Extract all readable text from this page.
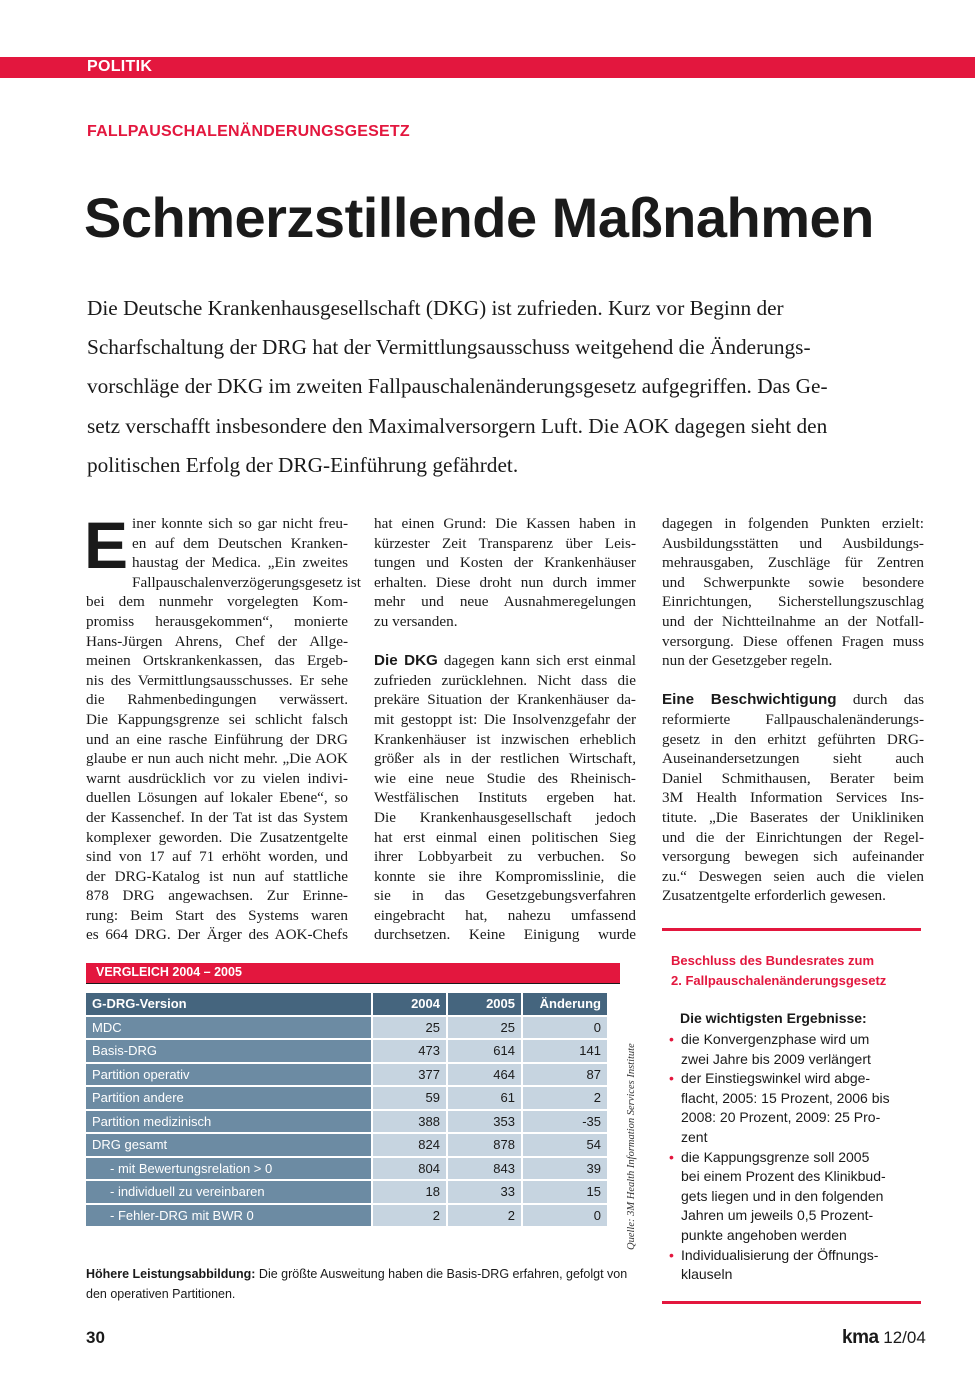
POLITIK
FALLPAUSCHALENÄNDERUNGSGESETZ
Schmerzstillende Maßnahmen
Die Deutsche Krankenhausgesellschaft (DKG) ist zufrieden. Kurz vor Beginn der
Scharfschaltung der DRG hat der Vermittlungsausschuss weitgehend die Änderungs-
vorschläge der DKG im zweiten Fallpauschalenänderungsgesetz aufgegriffen. Das Ge-
setz verschafft insbesondere den Maximalversorgern Luft. Die AOK dagegen sieht den
politischen Erfolg der DRG-Einführung gefährdet.
E iner konnte sich so gar nicht freu-
en auf dem Deutschen Kranken-
haustag der Medica. „Ein zweites
Fallpauschalenverzögerungsgesetz ist
bei dem nunmehr vorgelegten Kom-
promiss herausgekommen“, monierte
Hans-Jürgen Ahrens, Chef der Allge-
meinen Ortskrankenkassen, das Ergeb-
nis des Vermittlungsausschusses. Er sehe
die Rahmenbedingungen verwässert.
Die Kappungsgrenze sei schlicht falsch
und an eine rasche Einführung der DRG
glaube er nun auch nicht mehr. „Die AOK
warnt ausdrücklich vor zu vielen indivi-
duellen Lösungen auf lokaler Ebene“, so
der Kassenchef. In der Tat ist das System
komplexer geworden. Die Zusatzentgelte
sind von 17 auf 71 erhöht worden, und
der DRG-Katalog ist nun auf stattliche
878 DRG angewachsen. Zur Erinne-
rung: Beim Start des Systems waren
es 664 DRG. Der Ärger des AOK-Chefs
hat einen Grund: Die Kassen haben in
kürzester Zeit Transparenz über Leis-
tungen und Kosten der Krankenhäuser
erhalten. Diese droht nun durch immer
mehr und neue Ausnahmeregelungen
zu versanden.
Die DKG dagegen kann sich erst einmal
zufrieden zurücklehnen. Nicht dass die
prekäre Situation der Krankenhäuser da-
mit gestoppt ist: Die Insolvenzgefahr der
Krankenhäuser ist inzwischen erheblich
größer als in der restlichen Wirtschaft,
wie eine neue Studie des Rheinisch-
Westfälischen Instituts ergeben hat.
Die Krankenhausgesellschaft jedoch
hat erst einmal einen politischen Sieg
ihrer Lobbyarbeit zu verbuchen. So
konnte sie ihre Kompromisslinie, die
sie in das Gesetzgebungsverfahren
eingebracht hat, nahezu umfassend
durchsetzen. Keine Einigung wurde
dagegen in folgenden Punkten erzielt:
Ausbildungsstätten und Ausbildungs-
mehrausgaben, Zuschläge für Zentren
und Schwerpunkte sowie besondere
Einrichtungen, Sicherstellungszuschlag
und der Nichtteilnahme an der Notfall-
versorgung. Diese offenen Fragen muss
nun der Gesetzgeber regeln.
Eine Beschwichtigung durch das
reformierte Fallpauschalenänderungs-
gesetz in den erhitzt geführten DRG-
Auseinandersetzungen sieht auch
Daniel Schmithausen, Berater beim
3M Health Information Services Ins-
titute. „Die Baserates der Unikliniken
und die der Einrichtungen der Regel-
versorgung bewegen sich aufeinander
zu.“ Deswegen seien auch die vielen
Zusatzentgelte erforderlich gewesen.
VERGLEICH 2004 – 2005
G-DRG-Version	2004	2005	Änderung
MDC	25	25	0
Basis-DRG	473	614	141
Partition operativ	377	464	87
Partition andere	59	61	2
Partition medizinisch	388	353	-35
DRG gesamt	824	878	54
- mit Bewertungsrelation > 0	804	843	39
- individuell zu vereinbaren	18	33	15
- Fehler-DRG mit BWR 0	2	2	0 Quelle: 3M Health Information Services Institute
Höhere Leistungsabbildung: Die größte Ausweitung haben die Basis-DRG erfahren, gefolgt von den operativen Partitionen.
Beschluss des Bundesrates zum
2. Fallpauschalenänderungsgesetz
Die wichtigsten Ergebnisse:
• die Konvergenzphase wird um
zwei Jahre bis 2009 verlängert
• der Einstiegswinkel wird abge-
flacht, 2005: 15 Prozent, 2006 bis
2008: 20 Prozent, 2009: 25 Pro-
zent
• die Kappungsgrenze soll 2005
bei einem Prozent des Klinikbud-
gets liegen und in den folgenden
Jahren um jeweils 0,5 Prozent-
punkte angehoben werden
• Individualisierung der Öffnungs-
klauseln
30	kma 12/04
